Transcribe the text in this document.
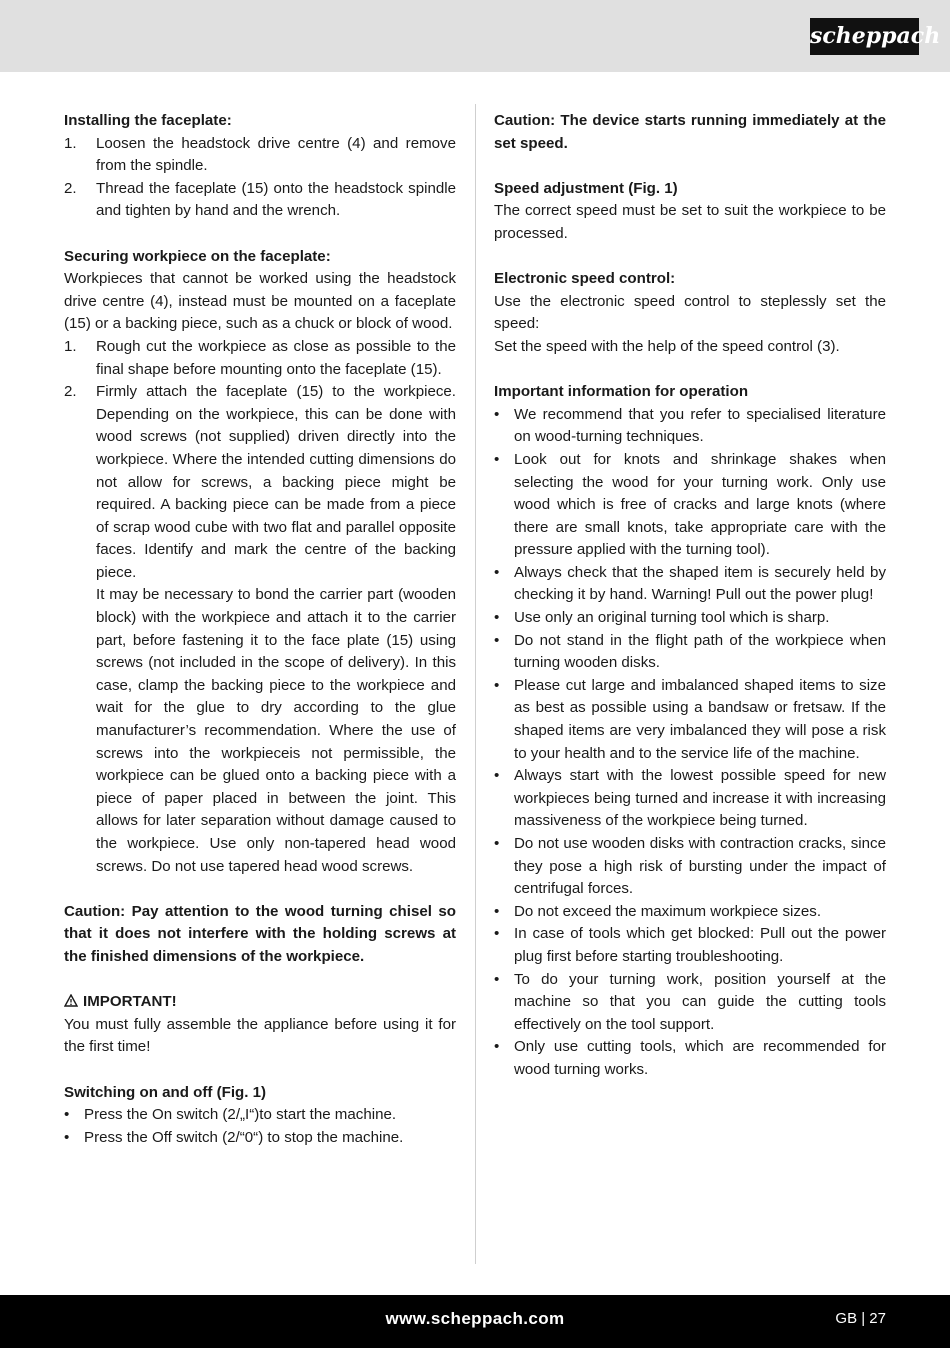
scheppach
Installing the faceplate:
1.	Loosen the headstock drive centre (4) and remove from the spindle.
2.	Thread the faceplate (15) onto the headstock spindle and tighten by hand and the wrench.
Securing workpiece on the faceplate:

Workpieces that cannot be worked using the headstock drive centre (4), instead must be mounted on a faceplate (15) or a backing piece, such as a chuck or block of wood.

1.	Rough cut the workpiece as close as possible to the final shape before mounting onto the faceplate (15).
2.	Firmly attach the faceplate (15) to the workpiece. Depending on the workpiece, this can be done with wood screws (not supplied) driven directly into the workpiece. Where the intended cutting dimensions do not allow for screws, a backing piece might be required. A backing piece can be made from a piece of scrap wood cube with two flat and parallel opposite faces. Identify and mark the centre of the backing piece.
It may be necessary to bond the carrier part (wooden block) with the workpiece and attach it to the carrier part, before fastening it to the face plate (15) using screws (not included in the scope of delivery). In this case, clamp the backing piece to the workpiece and wait for the glue to dry according to the glue manufacturer’s recommendation. Where the use of screws into the workpieceis not permissible, the workpiece can be glued onto a backing piece with a piece of paper placed in between the joint. This allows for later separation without damage caused to the workpiece. Use only non-tapered head wood screws. Do not use tapered head wood screws.

Caution: Pay attention to the wood turning chisel so that it does not interfere with the holding screws at the finished dimensions of the workpiece.

IMPORTANT!

You must fully assemble the appliance before using it for the first time!

Switching on and off (Fig. 1)
• Press the On switch (2/„I“)to start the machine.
• Press the Off switch (2/“0“) to stop the machine.

Caution: The device starts running immediately at the set speed.

Speed adjustment (Fig. 1)

The correct speed must be set to suit the workpiece to be processed.

Electronic speed control:

Use the electronic speed control to steplessly set the speed:

Set the speed with the help of the speed control (3).

Important information for operation
• We recommend that you refer to specialised literature on wood-turning techniques.
• Look out for knots and shrinkage shakes when selecting the wood for your turning work. Only use wood which is free of cracks and large knots (where there are small knots, take appropriate care with the pressure applied with the turning tool).
• Always check that the shaped item is securely held by checking it by hand. Warning! Pull out the power plug!
• Use only an original turning tool which is sharp.
• Do not stand in the flight path of the workpiece when turning wooden disks.
• Please cut large and imbalanced shaped items to size as best as possible using a bandsaw or fretsaw. If the shaped items are very imbalanced they will pose a risk to your health and to the service life of the machine.
• Always start with the lowest possible speed for new workpieces being turned and increase it with increasing massiveness of the workpiece being turned.
• Do not use wooden disks with contraction cracks, since they pose a high risk of bursting under the impact of centrifugal forces.
• Do not exceed the maximum workpiece sizes.
• In case of tools which get blocked: Pull out the power plug first before starting troubleshooting.
• To do your turning work, position yourself at the machine so that you can guide the cutting tools effectively on the tool support.
• Only use cutting tools, which are recommended for wood turning works.
www.scheppach.com	GB | 27
